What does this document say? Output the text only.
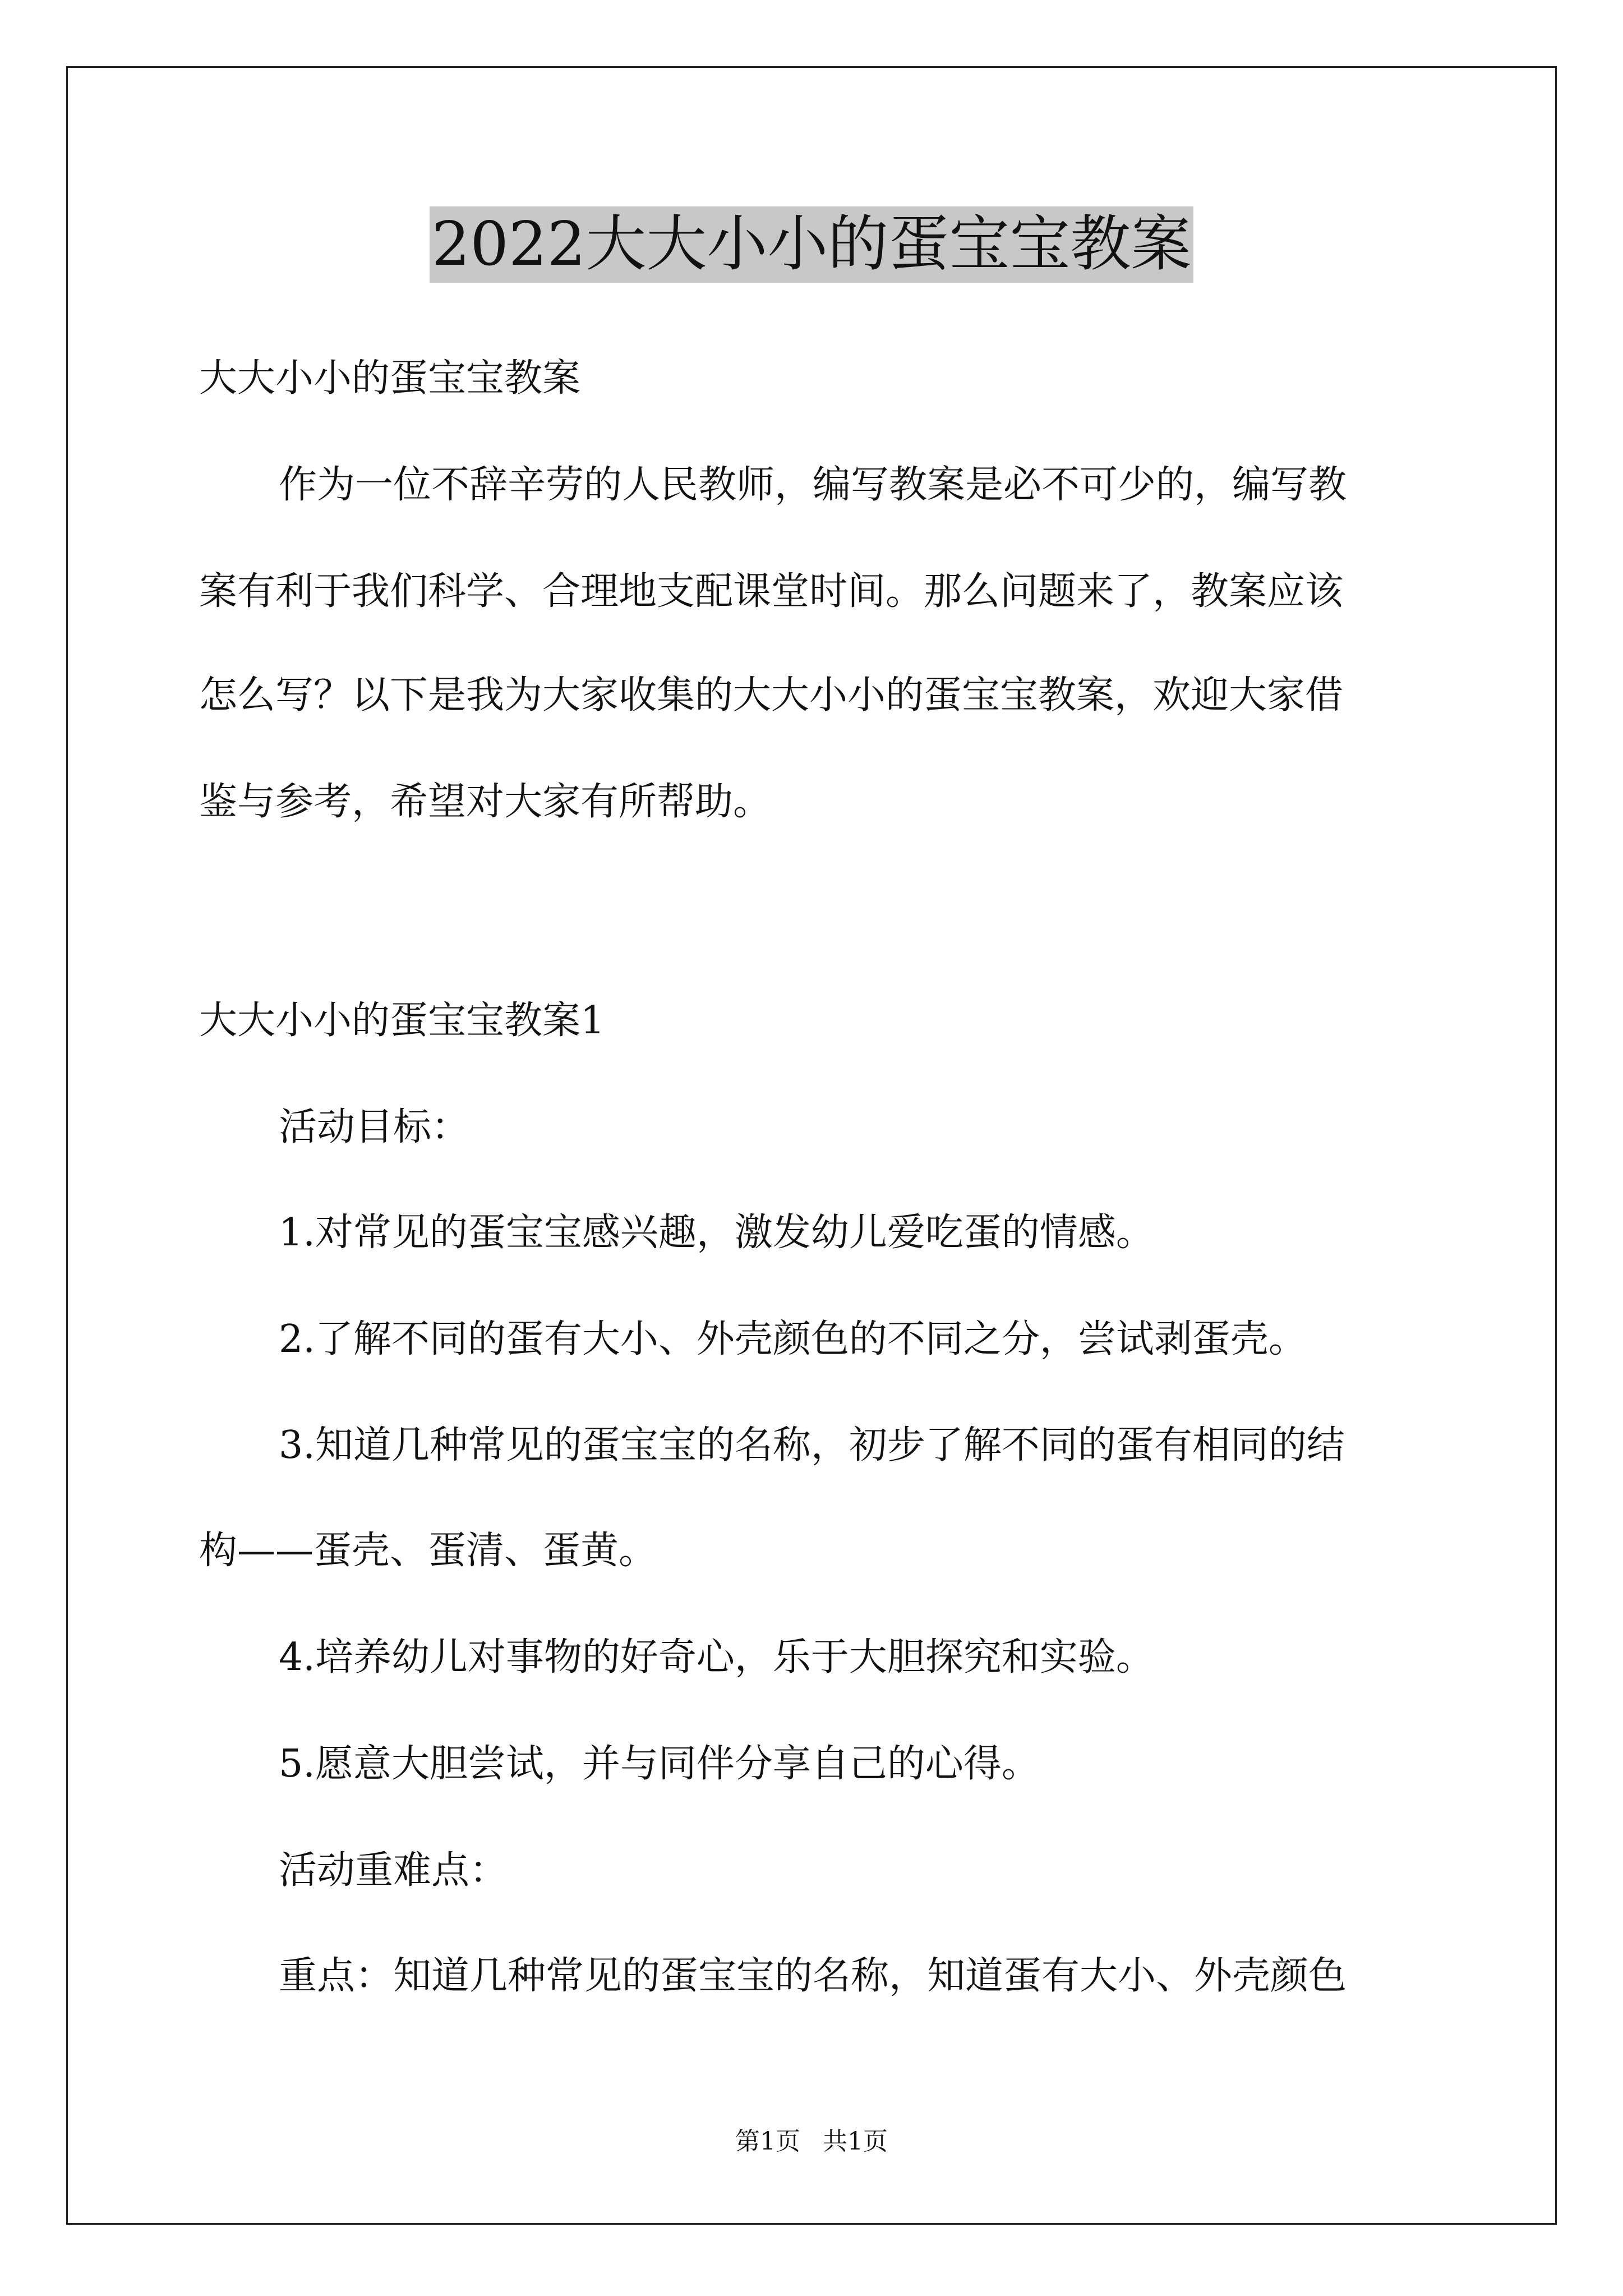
2022大大小小的蛋宝宝教案
大大小小的蛋宝宝教案
作为一位不辞辛劳的人民教师，编写教案是必不可少的，编写教
案有利于我们科学、合理地支配课堂时间。那么问题来了，教案应该
怎么写？以下是我为大家收集的大大小小的蛋宝宝教案，欢迎大家借
鉴与参考，希望对大家有所帮助。
大大小小的蛋宝宝教案1
活动目标：
1.对常见的蛋宝宝感兴趣，激发幼儿爱吃蛋的情感。
2.了解不同的蛋有大小、外壳颜色的不同之分，尝试剥蛋壳。
3.知道几种常见的蛋宝宝的名称，初步了解不同的蛋有相同的结
构——蛋壳、蛋清、蛋黄。
4.培养幼儿对事物的好奇心，乐于大胆探究和实验。
5.愿意大胆尝试，并与同伴分享自己的心得。
活动重难点：
重点：知道几种常见的蛋宝宝的名称，知道蛋有大小、外壳颜色
第1页 共1页
